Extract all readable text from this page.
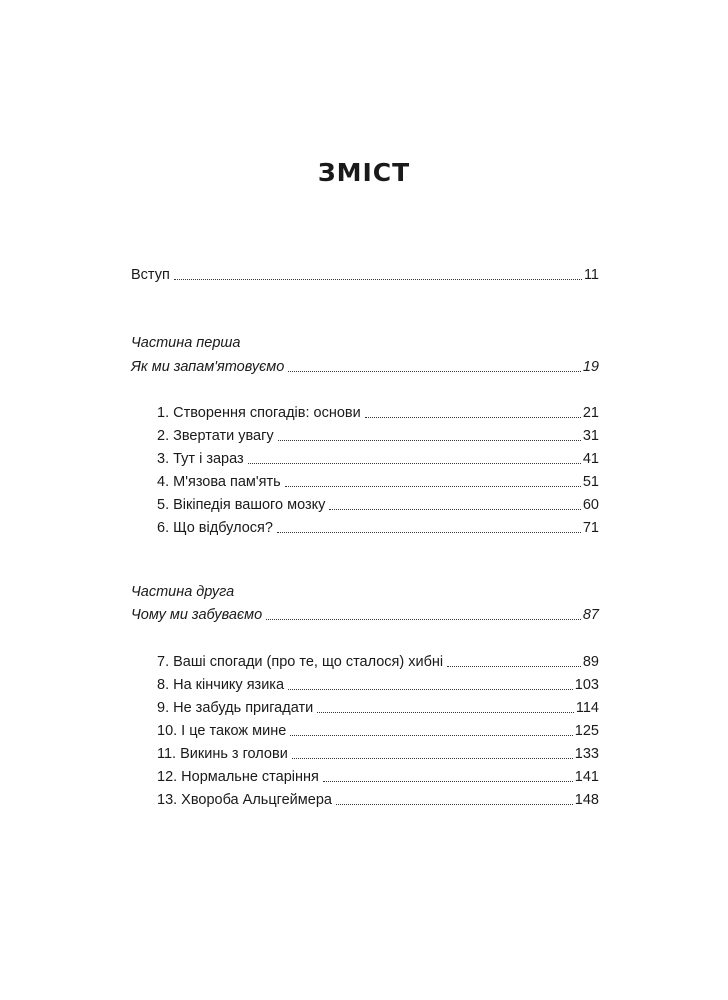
ЗМІСТ
Вступ	11
Частина перша
Як ми запам'ятовуємо	19
1. Створення спогадів: основи	21
2. Звертати увагу	31
3. Тут і зараз	41
4. М'язова пам'ять	51
5. Вікіпедія вашого мозку	60
6. Що відбулося?	71
Частина друга
Чому ми забуваємо	87
7. Ваші спогади (про те, що сталося) хибні	89
8. На кінчику язика	103
9. Не забудь пригадати	114
10. І це також мине	125
11. Викинь з голови	133
12. Нормальне старіння	141
13. Хвороба Альцгеймера	148
